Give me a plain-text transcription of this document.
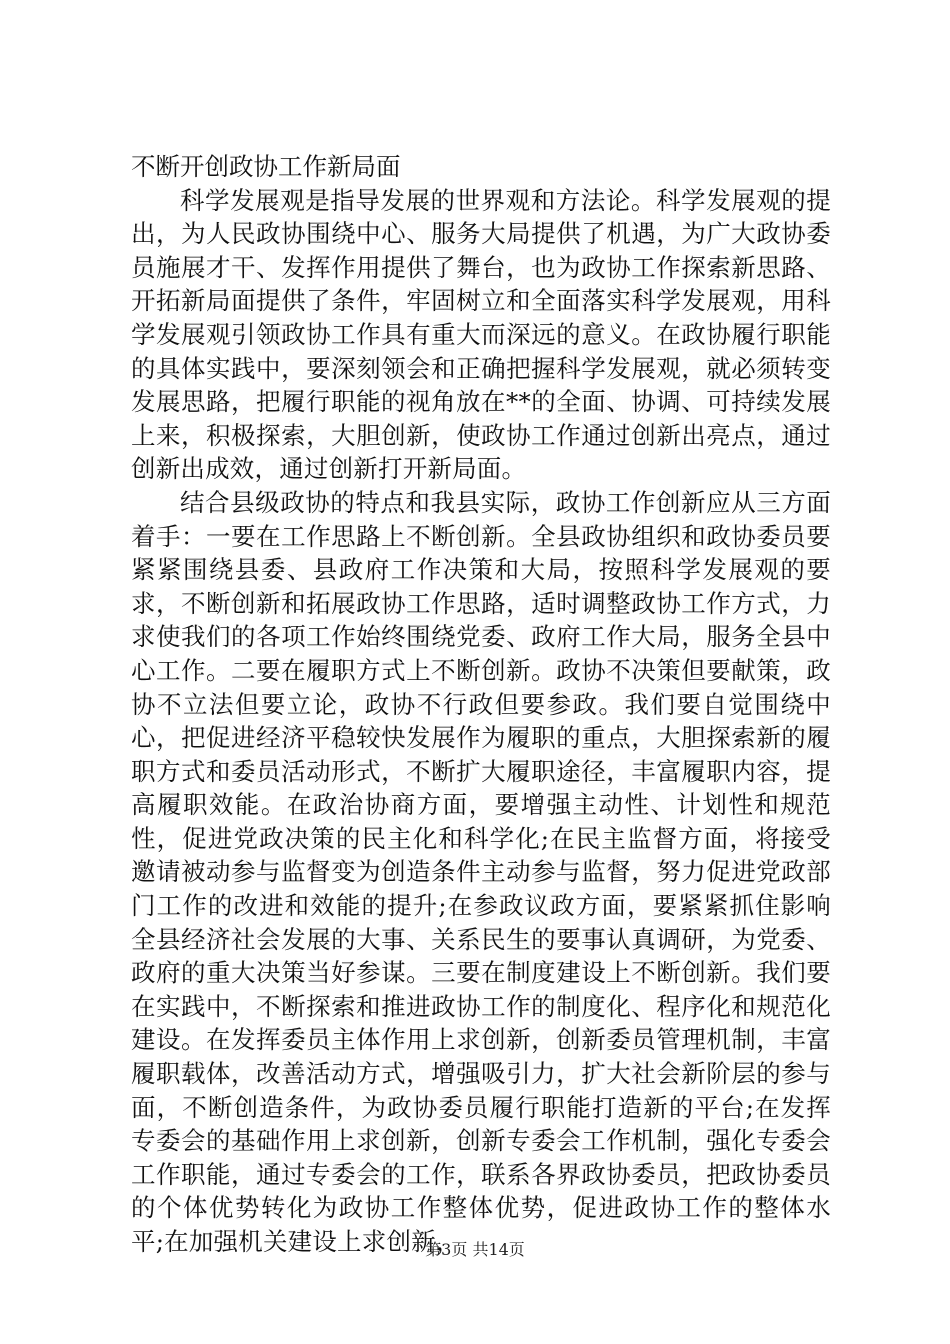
不断开创政协工作新局面

科学发展观是指导发展的世界观和方法论。科学发展观的提出，为人民政协围绕中心、服务大局提供了机遇，为广大政协委员施展才干、发挥作用提供了舞台，也为政协工作探索新思路、开拓新局面提供了条件，牢固树立和全面落实科学发展观，用科学发展观引领政协工作具有重大而深远的意义。在政协履行职能的具体实践中，要深刻领会和正确把握科学发展观，就必须转变发展思路，把履行职能的视角放在**的全面、协调、可持续发展上来，积极探索，大胆创新，使政协工作通过创新出亮点，通过创新出成效，通过创新打开新局面。

结合县级政协的特点和我县实际，政协工作创新应从三方面着手：一要在工作思路上不断创新。全县政协组织和政协委员要紧紧围绕县委、县政府工作决策和大局，按照科学发展观的要求，不断创新和拓展政协工作思路，适时调整政协工作方式，力求使我们的各项工作始终围绕党委、政府工作大局，服务全县中心工作。二要在履职方式上不断创新。政协不决策但要献策，政协不立法但要立论，政协不行政但要参政。我们要自觉围绕中心，把促进经济平稳较快发展作为履职的重点，大胆探索新的履职方式和委员活动形式，不断扩大履职途径，丰富履职内容，提高履职效能。在政治协商方面，要增强主动性、计划性和规范性，促进党政决策的民主化和科学化;在民主监督方面，将接受邀请被动参与监督变为创造条件主动参与监督，努力促进党政部门工作的改进和效能的提升;在参政议政方面，要紧紧抓住影响全县经济社会发展的大事、关系民生的要事认真调研，为党委、政府的重大决策当好参谋。三要在制度建设上不断创新。我们要在实践中，不断探索和推进政协工作的制度化、程序化和规范化建设。在发挥委员主体作用上求创新，创新委员管理机制，丰富履职载体，改善活动方式，增强吸引力，扩大社会新阶层的参与面，不断创造条件，为政协委员履行职能打造新的平台;在发挥专委会的基础作用上求创新，创新专委会工作机制，强化专委会工作职能，通过专委会的工作，联系各界政协委员，把政协委员的个体优势转化为政协工作整体优势，促进政协工作的整体水平;在加强机关建设上求创新，

第3页 共14页
